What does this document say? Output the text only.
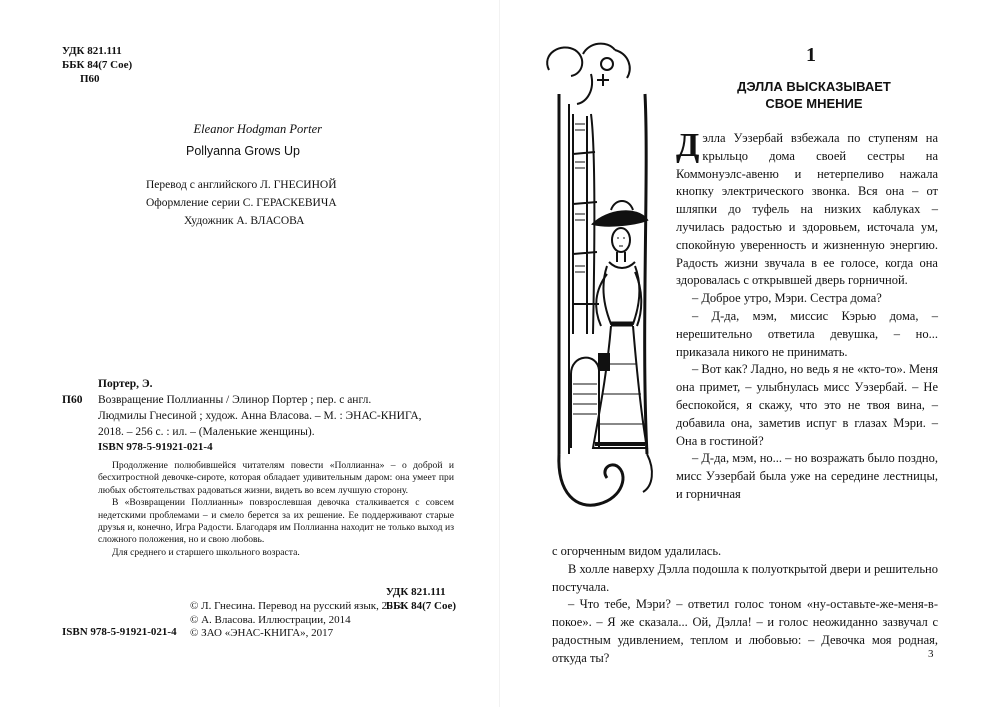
УДК 821.111
ББК 84(7 Сое)
П60
Eleanor Hodgman Porter
Pollyanna Grows Up
Перевод с английского Л. ГНЕСИНОЙ
Оформление серии С. ГЕРАСКЕВИЧА
Художник А. ВЛАСОВА
Портер, Э.
П60	Возвращение Поллианны / Элинор Портер ; пер. с англ.
Людмилы Гнесиной ; худож. Анна Власова. – М. : ЭНАС-КНИГА,
2018. – 256 с. : ил. – (Маленькие женщины).
ISBN 978-5-91921-021-4

Продолжение полюбившейся читателям повести «Поллианна» – о доброй и бесхитростной девочке-сироте, которая обладает удивительным даром: она умеет при любых обстоятельствах радоваться жизни, видеть во всем лучшую сторону.

В «Возвращении Поллианны» повзрослевшая девочка сталкивается с совсем недетскими проблемами – и смело берется за их решение. Ее поддерживают старые друзья и, конечно, Игра Радости. Благодаря им Поллианна находит не только выход из сложного положения, но и свою любовь.

Для среднего и старшего школьного возраста.

УДК 821.111
ББК 84(7 Сое)
© Л. Гнесина. Перевод на русский язык, 2014
© А. Власова. Иллюстрации, 2014
© ЗАО «ЭНАС-КНИГА», 2017
ISBN 978-5-91921-021-4
1
ДЭЛЛА ВЫСКАЗЫВАЕТ
СВОЕ МНЕНИЕ

Дэлла Уэзербай взбежала по ступеням на крыльцо дома своей сестры на Коммонуэлс-авеню и нетерпеливо нажала кнопку электрического звонка. Вся она – от шляпки до туфель на низких каблуках – лучилась радостью и здоровьем, источала ум, спокойную уверенность и жизненную энергию. Радость жизни звучала в ее голосе, когда она здоровалась с открывшей дверь горничной.

– Доброе утро, Мэри. Сестра дома?

– Д-да, мэм, миссис Кэрью дома, – нерешительно ответила девушка, – но... приказала никого не принимать.

– Вот как? Ладно, но ведь я не «кто-то». Меня она примет, – улыбнулась мисс Уэзербай. – Не беспокойся, я скажу, что это не твоя вина, – добавила она, заметив испуг в глазах Мэри. – Она в гостиной?

– Д-да, мэм, но... – но возражать было поздно, мисс Уэзербай была уже на середине лестницы, и горничная

с огорченным видом удалилась.

В холле наверху Дэлла подошла к полуоткрытой двери и решительно постучала.

– Что тебе, Мэри? – ответил голос тоном «ну-оставьте-же-меня-в-покое». – Я же сказала... Ой, Дэлла! – и голос неожиданно зазвучал с радостным удивлением, теплом и любовью: – Девочка моя родная, откуда ты?	3
